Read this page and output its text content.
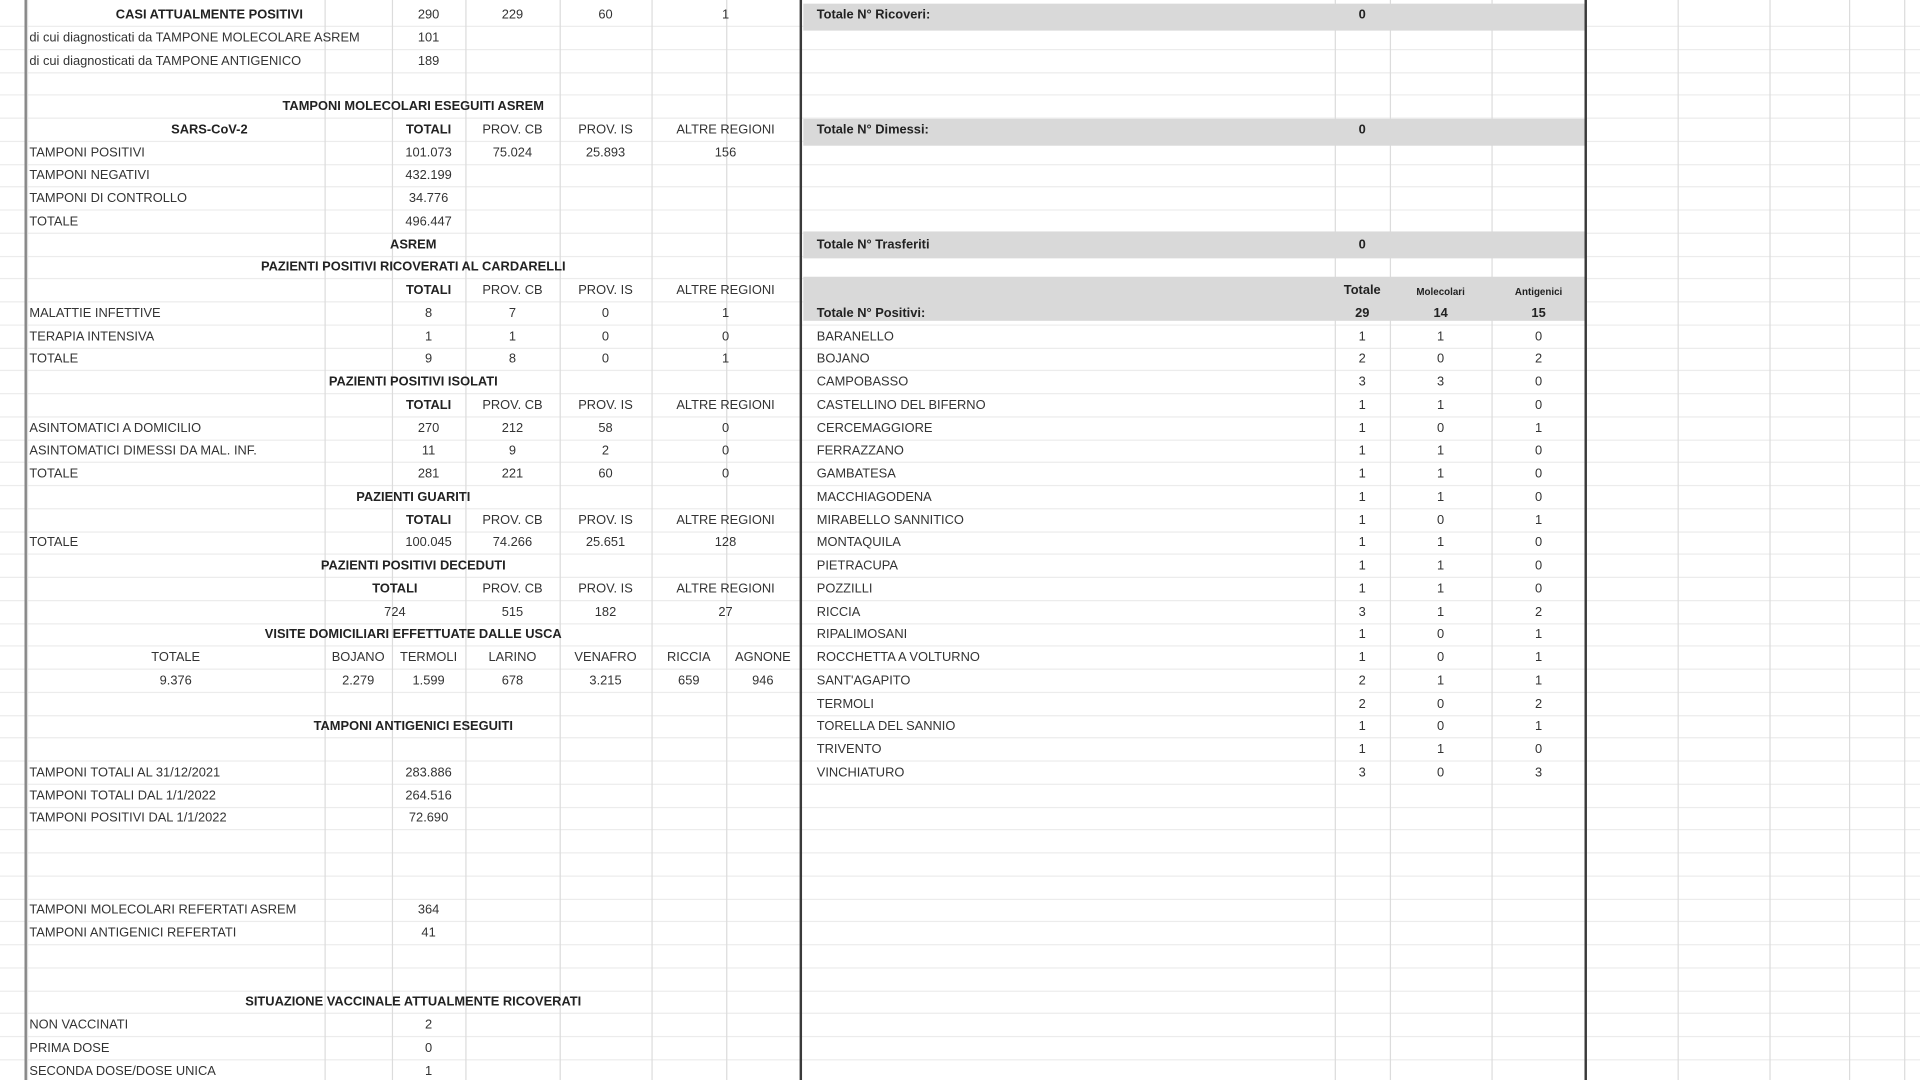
CASI ATTUALMENTE POSITIVI	290	229	60	1
di cui diagnosticati da TAMPONE MOLECOLARE ASREM	101
di cui diagnosticati da TAMPONE ANTIGENICO	189
TAMPONI MOLECOLARI ESEGUITI ASREM
SARS-CoV-2	TOTALI	PROV. CB	PROV. IS	ALTRE REGIONI
TAMPONI POSITIVI	101.073	75.024	25.893	156
TAMPONI NEGATIVI	432.199
TAMPONI DI CONTROLLO	34.776
TOTALE	496.447
ASREM
PAZIENTI POSITIVI RICOVERATI AL CARDARELLI
TOTALI	PROV. CB	PROV. IS	ALTRE REGIONI
MALATTIE INFETTIVE	8	7	0	1
TERAPIA INTENSIVA	1	1	0	0
TOTALE	9	8	0	1
PAZIENTI POSITIVI ISOLATI
TOTALI	PROV. CB	PROV. IS	ALTRE REGIONI
ASINTOMATICI A DOMICILIO	270	212	58	0
ASINTOMATICI DIMESSI DA MAL. INF.	11	9	2	0
TOTALE	281	221	60	0
PAZIENTI GUARITI
TOTALI	PROV. CB	PROV. IS	ALTRE REGIONI
TOTALE	100.045	74.266	25.651	128
PAZIENTI POSITIVI DECEDUTI
TOTALI	PROV. CB	PROV. IS	ALTRE REGIONI
724	515	182	27
VISITE DOMICILIARI EFFETTUATE DALLE USCA
TOTALE	BOJANO	TERMOLI	LARINO	VENAFRO	RICCIA	AGNONE
9.376	2.279	1.599	678	3.215	659	946
TAMPONI ANTIGENICI ESEGUITI
TAMPONI TOTALI AL 31/12/2021	283.886
TAMPONI TOTALI DAL 1/1/2022	264.516
TAMPONI POSITIVI DAL 1/1/2022	72.690
TAMPONI MOLECOLARI REFERTATI ASREM	364
TAMPONI ANTIGENICI REFERTATI	41
SITUAZIONE VACCINALE ATTUALMENTE RICOVERATI
NON VACCINATI	2
PRIMA DOSE	0
SECONDA DOSE/DOSE UNICA	1
Totale N° Ricoveri:	0
Totale N° Dimessi:	0
Totale N° Trasferiti	0
Totale	Molecolari	Antigenici
Totale N° Positivi:	29	14	15
BARANELLO	1	1	0
BOJANO	2	0	2
CAMPOBASSO	3	3	0
CASTELLINO DEL BIFERNO	1	1	0
CERCEMAGGIORE	1	0	1
FERRAZZANO	1	1	0
GAMBATESA	1	1	0
MACCHIAGODENA	1	1	0
MIRABELLO SANNITICO	1	0	1
MONTAQUILA	1	1	0
PIETRACUPA	1	1	0
POZZILLI	1	1	0
RICCIA	3	1	2
RIPALIMOSANI	1	0	1
ROCCHETTA A VOLTURNO	1	0	1
SANT'AGAPITO	2	1	1
TERMOLI	2	0	2
TORELLA DEL SANNIO	1	0	1
TRIVENTO	1	1	0
VINCHIATURO	3	0	3
